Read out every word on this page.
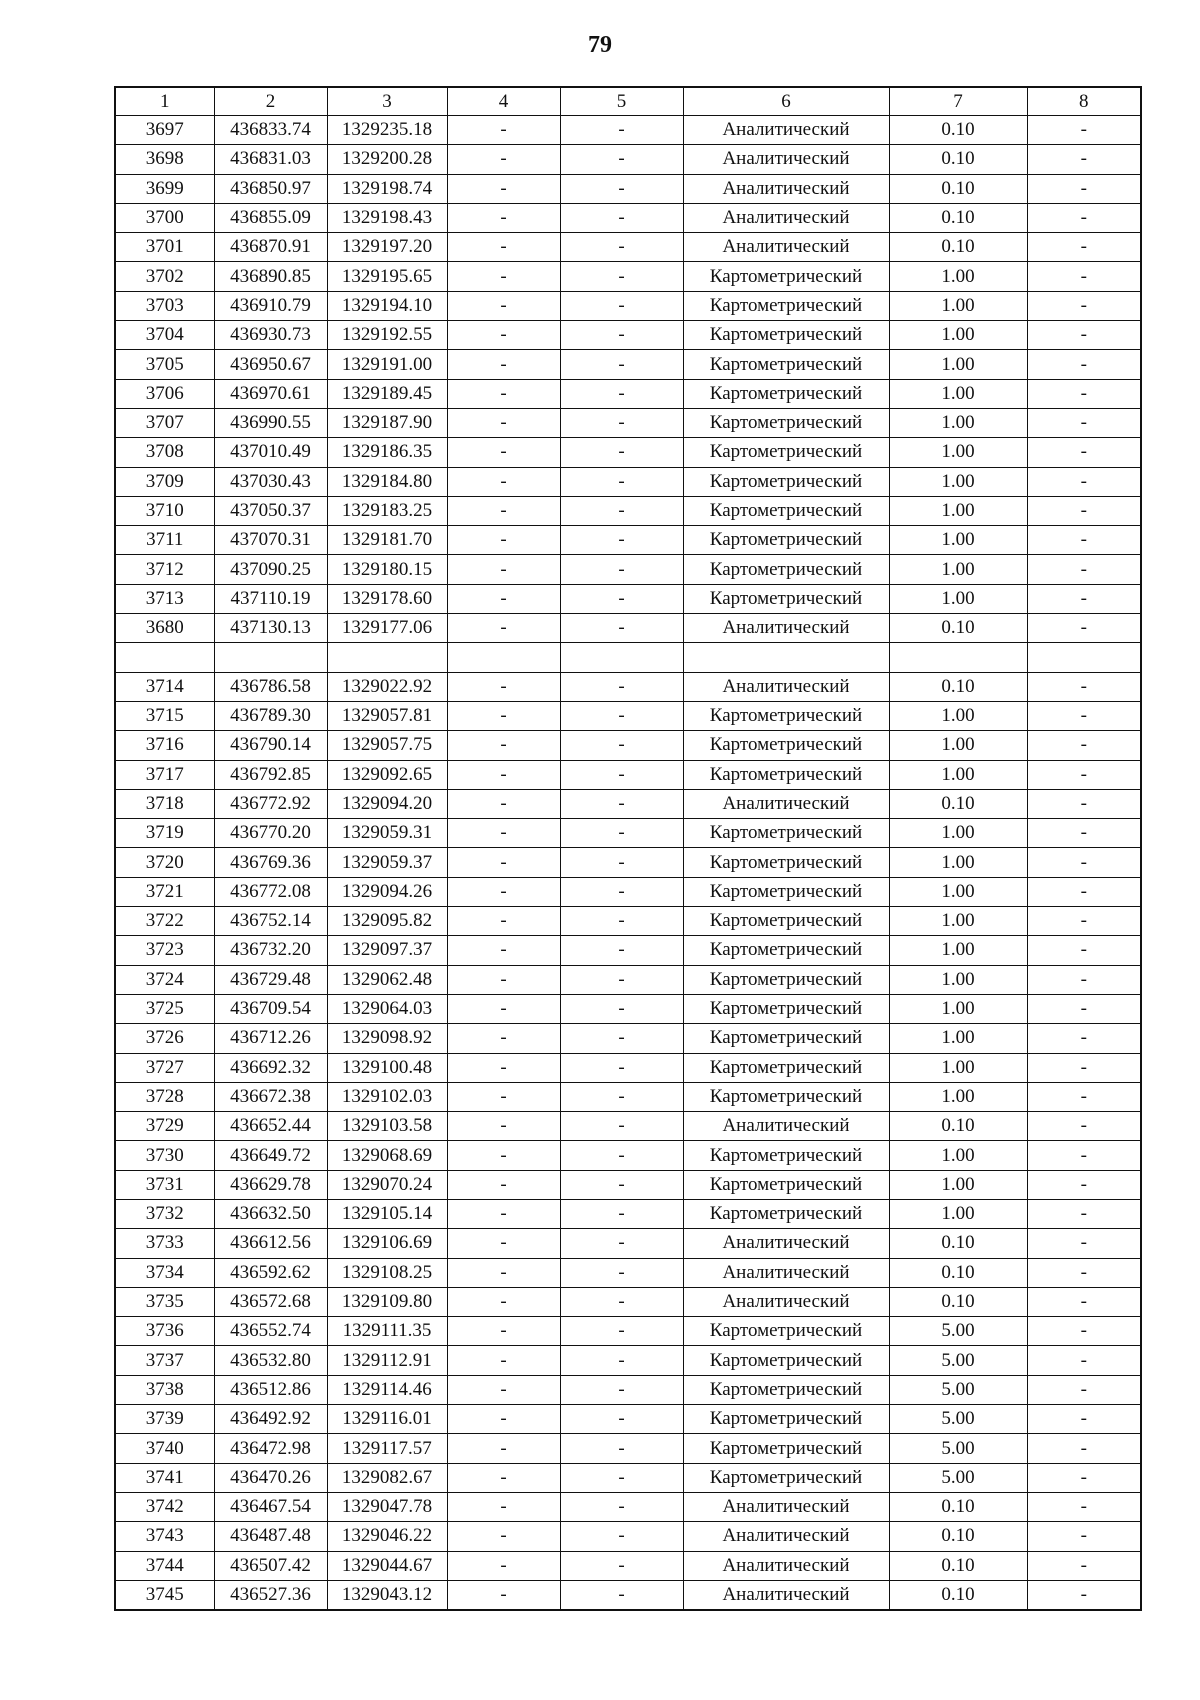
79
1	2	3	4	5	6	7	8
3697	436833.74	1329235.18	-	-	Аналитический	0.10	-
3698	436831.03	1329200.28	-	-	Аналитический	0.10	-
3699	436850.97	1329198.74	-	-	Аналитический	0.10	-
3700	436855.09	1329198.43	-	-	Аналитический	0.10	-
3701	436870.91	1329197.20	-	-	Аналитический	0.10	-
3702	436890.85	1329195.65	-	-	Картометрический	1.00	-
3703	436910.79	1329194.10	-	-	Картометрический	1.00	-
3704	436930.73	1329192.55	-	-	Картометрический	1.00	-
3705	436950.67	1329191.00	-	-	Картометрический	1.00	-
3706	436970.61	1329189.45	-	-	Картометрический	1.00	-
3707	436990.55	1329187.90	-	-	Картометрический	1.00	-
3708	437010.49	1329186.35	-	-	Картометрический	1.00	-
3709	437030.43	1329184.80	-	-	Картометрический	1.00	-
3710	437050.37	1329183.25	-	-	Картометрический	1.00	-
3711	437070.31	1329181.70	-	-	Картометрический	1.00	-
3712	437090.25	1329180.15	-	-	Картометрический	1.00	-
3713	437110.19	1329178.60	-	-	Картометрический	1.00	-
3680	437130.13	1329177.06	-	-	Аналитический	0.10	-

3714	436786.58	1329022.92	-	-	Аналитический	0.10	-
3715	436789.30	1329057.81	-	-	Картометрический	1.00	-
3716	436790.14	1329057.75	-	-	Картометрический	1.00	-
3717	436792.85	1329092.65	-	-	Картометрический	1.00	-
3718	436772.92	1329094.20	-	-	Аналитический	0.10	-
3719	436770.20	1329059.31	-	-	Картометрический	1.00	-
3720	436769.36	1329059.37	-	-	Картометрический	1.00	-
3721	436772.08	1329094.26	-	-	Картометрический	1.00	-
3722	436752.14	1329095.82	-	-	Картометрический	1.00	-
3723	436732.20	1329097.37	-	-	Картометрический	1.00	-
3724	436729.48	1329062.48	-	-	Картометрический	1.00	-
3725	436709.54	1329064.03	-	-	Картометрический	1.00	-
3726	436712.26	1329098.92	-	-	Картометрический	1.00	-
3727	436692.32	1329100.48	-	-	Картометрический	1.00	-
3728	436672.38	1329102.03	-	-	Картометрический	1.00	-
3729	436652.44	1329103.58	-	-	Аналитический	0.10	-
3730	436649.72	1329068.69	-	-	Картометрический	1.00	-
3731	436629.78	1329070.24	-	-	Картометрический	1.00	-
3732	436632.50	1329105.14	-	-	Картометрический	1.00	-
3733	436612.56	1329106.69	-	-	Аналитический	0.10	-
3734	436592.62	1329108.25	-	-	Аналитический	0.10	-
3735	436572.68	1329109.80	-	-	Аналитический	0.10	-
3736	436552.74	1329111.35	-	-	Картометрический	5.00	-
3737	436532.80	1329112.91	-	-	Картометрический	5.00	-
3738	436512.86	1329114.46	-	-	Картометрический	5.00	-
3739	436492.92	1329116.01	-	-	Картометрический	5.00	-
3740	436472.98	1329117.57	-	-	Картометрический	5.00	-
3741	436470.26	1329082.67	-	-	Картометрический	5.00	-
3742	436467.54	1329047.78	-	-	Аналитический	0.10	-
3743	436487.48	1329046.22	-	-	Аналитический	0.10	-
3744	436507.42	1329044.67	-	-	Аналитический	0.10	-
3745	436527.36	1329043.12	-	-	Аналитический	0.10	-
